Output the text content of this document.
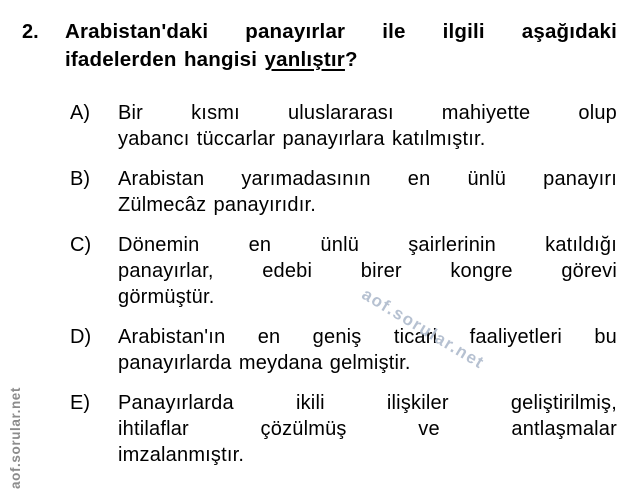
aof.sorular.net
aof.sorular.net
2.	Arabistan'daki panayırlar ile ilgili aşağıdaki
ifadelerden hangisi yanlıştır?
A)	Bir kısmı uluslararası mahiyette olup
yabancı tüccarlar panayırlara katılmıştır.
B)	Arabistan yarımadasının en ünlü panayırı
Zülmecâz panayırıdır.
C)	Dönemin en ünlü şairlerinin katıldığı
panayırlar, edebi birer kongre görevi
görmüştür.
D)	Arabistan'ın en geniş ticari faaliyetleri bu
panayırlarda meydana gelmiştir.
E)	Panayırlarda ikili ilişkiler geliştirilmiş,
ihtilaflar çözülmüş ve antlaşmalar
imzalanmıştır.
